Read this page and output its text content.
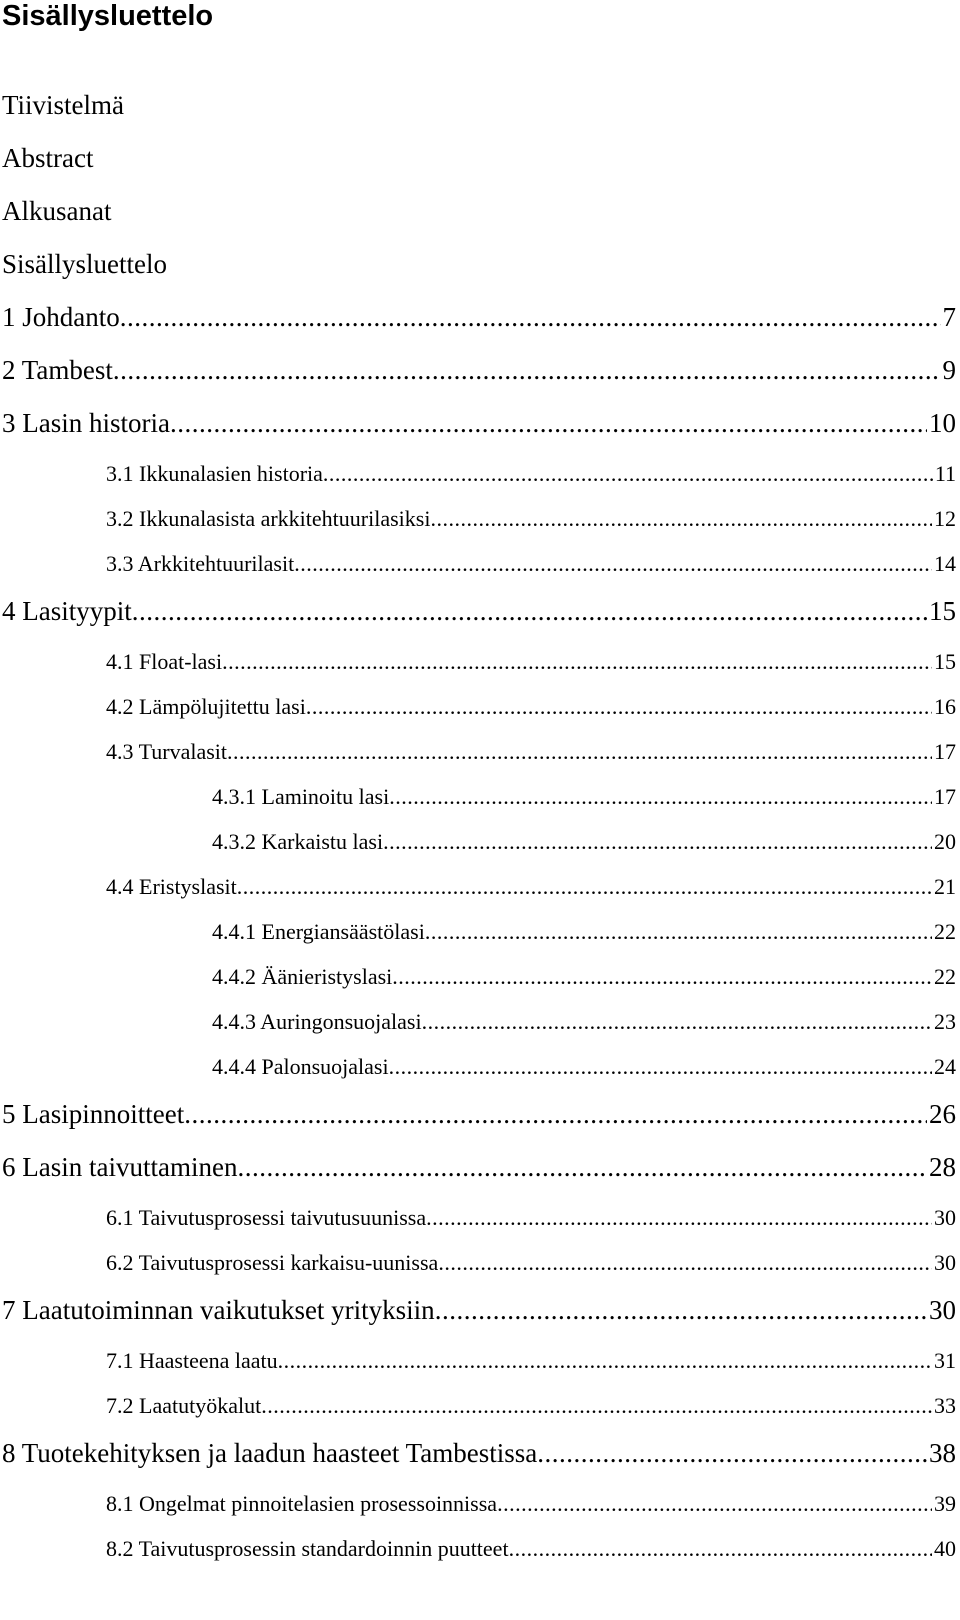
Sisällysluettelo
Tiivistelmä
Abstract
Alkusanat
Sisällysluettelo
1 Johdanto .....	7
2 Tambest .....	9
3 Lasin historia .....	10
3.1 Ikkunalasien historia .....	11
3.2 Ikkunalasista arkkitehtuurilasiksi .....	12
3.3 Arkkitehtuurilasit .....	14
4 Lasityypit .....	15
4.1 Float-lasi .....	15
4.2 Lämpölujitettu lasi .....	16
4.3 Turvalasit .....	17
4.3.1 Laminoitu lasi .....	17
4.3.2 Karkaistu lasi .....	20
4.4 Eristyslasit .....	21
4.4.1 Energiansäästölasi .....	22
4.4.2 Äänieristyslasi .....	22
4.4.3 Auringonsuojalasi .....	23
4.4.4 Palonsuojalasi .....	24
5 Lasipinnoitteet .....	26
6 Lasin taivuttaminen .....	28
6.1 Taivutusprosessi taivutusuunissa .....	30
6.2 Taivutusprosessi karkaisu-uunissa .....	30
7 Laatutoiminnan vaikutukset yrityksiin .....	30
7.1 Haasteena laatu .....	31
7.2 Laatutyökalut .....	33
8 Tuotekehityksen ja laadun haasteet Tambestissa .....	38
8.1 Ongelmat pinnoitelasien prosessoinnissa .....	39
8.2 Taivutusprosessin standardoinnin puutteet .....	40
